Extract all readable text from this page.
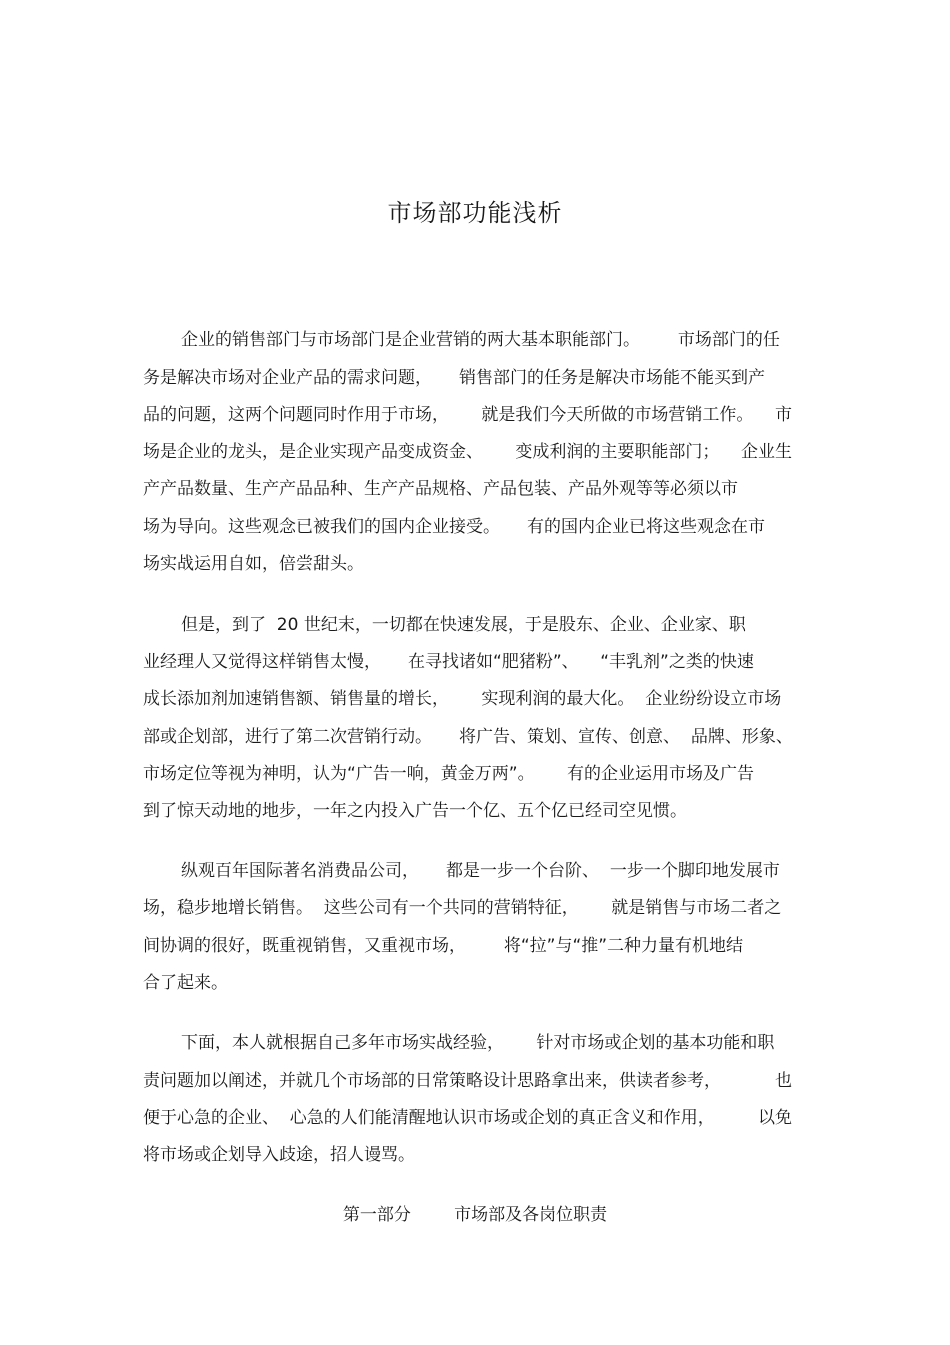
市场部功能浅析

企业的销售部门与市场部门是企业营销的两大基本职能部门。       市场部门的任

务是解决市场对企业产品的需求问题，     销售部门的任务是解决市场能不能买到产

品的问题，这两个问题同时作用于市场，      就是我们今天所做的市场营销工作。    市

场是企业的龙头，是企业实现产品变成资金、      变成利润的主要职能部门；    企业生

产产品数量、生产产品品种、生产产品规格、产品包装、产品外观等等必须以市

场为导向。这些观念已被我们的国内企业接受。     有的国内企业已将这些观念在市

场实战运用自如，倍尝甜头。

但是，到了  20 世纪末，一切都在快速发展，于是股东、企业、企业家、职

业经理人又觉得这样销售太慢，     在寻找诸如“肥猪粉”、    “丰乳剂”之类的快速

成长添加剂加速销售额、销售量的增长，      实现利润的最大化。  企业纷纷设立市场

部或企划部，进行了第二次营销行动。     将广告、策划、宣传、创意、  品牌、形象、

市场定位等视为神明，认为“广告一响，黄金万两”。      有的企业运用市场及广告

到了惊天动地的地步，一年之内投入广告一个亿、五个亿已经司空见惯。

纵观百年国际著名消费品公司，     都是一步一个台阶、  一步一个脚印地发展市

场，稳步地增长销售。  这些公司有一个共同的营销特征，      就是销售与市场二者之

间协调的很好，既重视销售，又重视市场，       将“拉”与“推”二种力量有机地结

合了起来。

下面，本人就根据自己多年市场实战经验，      针对市场或企划的基本功能和职

责问题加以阐述，并就几个市场部的日常策略设计思路拿出来，供读者参考，          也

便于心急的企业、  心急的人们能清醒地认识市场或企划的真正含义和作用，        以免

将市场或企划导入歧途，招人谩骂。

第一部分        市场部及各岗位职责
